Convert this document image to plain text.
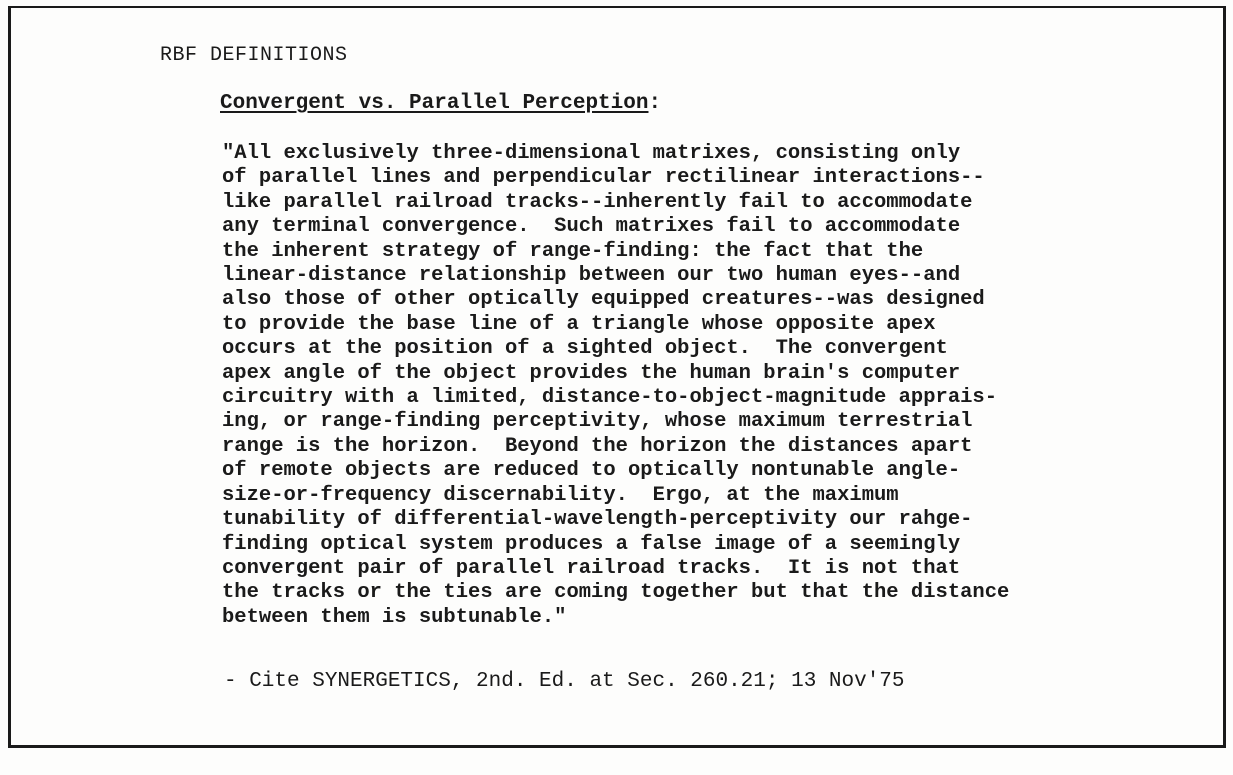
RBF DEFINITIONS
Convergent vs. Parallel Perception:
"All exclusively three-dimensional matrixes, consisting only
of parallel lines and perpendicular rectilinear interactions--
like parallel railroad tracks--inherently fail to accommodate
any terminal convergence.  Such matrixes fail to accommodate
the inherent strategy of range-finding: the fact that the
linear-distance relationship between our two human eyes--and
also those of other optically equipped creatures--was designed
to provide the base line of a triangle whose opposite apex
occurs at the position of a sighted object.  The convergent
apex angle of the object provides the human brain's computer
circuitry with a limited, distance-to-object-magnitude apprais-
ing, or range-finding perceptivity, whose maximum terrestrial
range is the horizon.  Beyond the horizon the distances apart
of remote objects are reduced to optically nontunable angle-
size-or-frequency discernability.  Ergo, at the maximum
tunability of differential-wavelength-perceptivity our rahge-
finding optical system produces a false image of a seemingly
convergent pair of parallel railroad tracks.  It is not that
the tracks or the ties are coming together but that the distance
between them is subtunable."
- Cite SYNERGETICS, 2nd. Ed. at Sec. 260.21; 13 Nov'75
